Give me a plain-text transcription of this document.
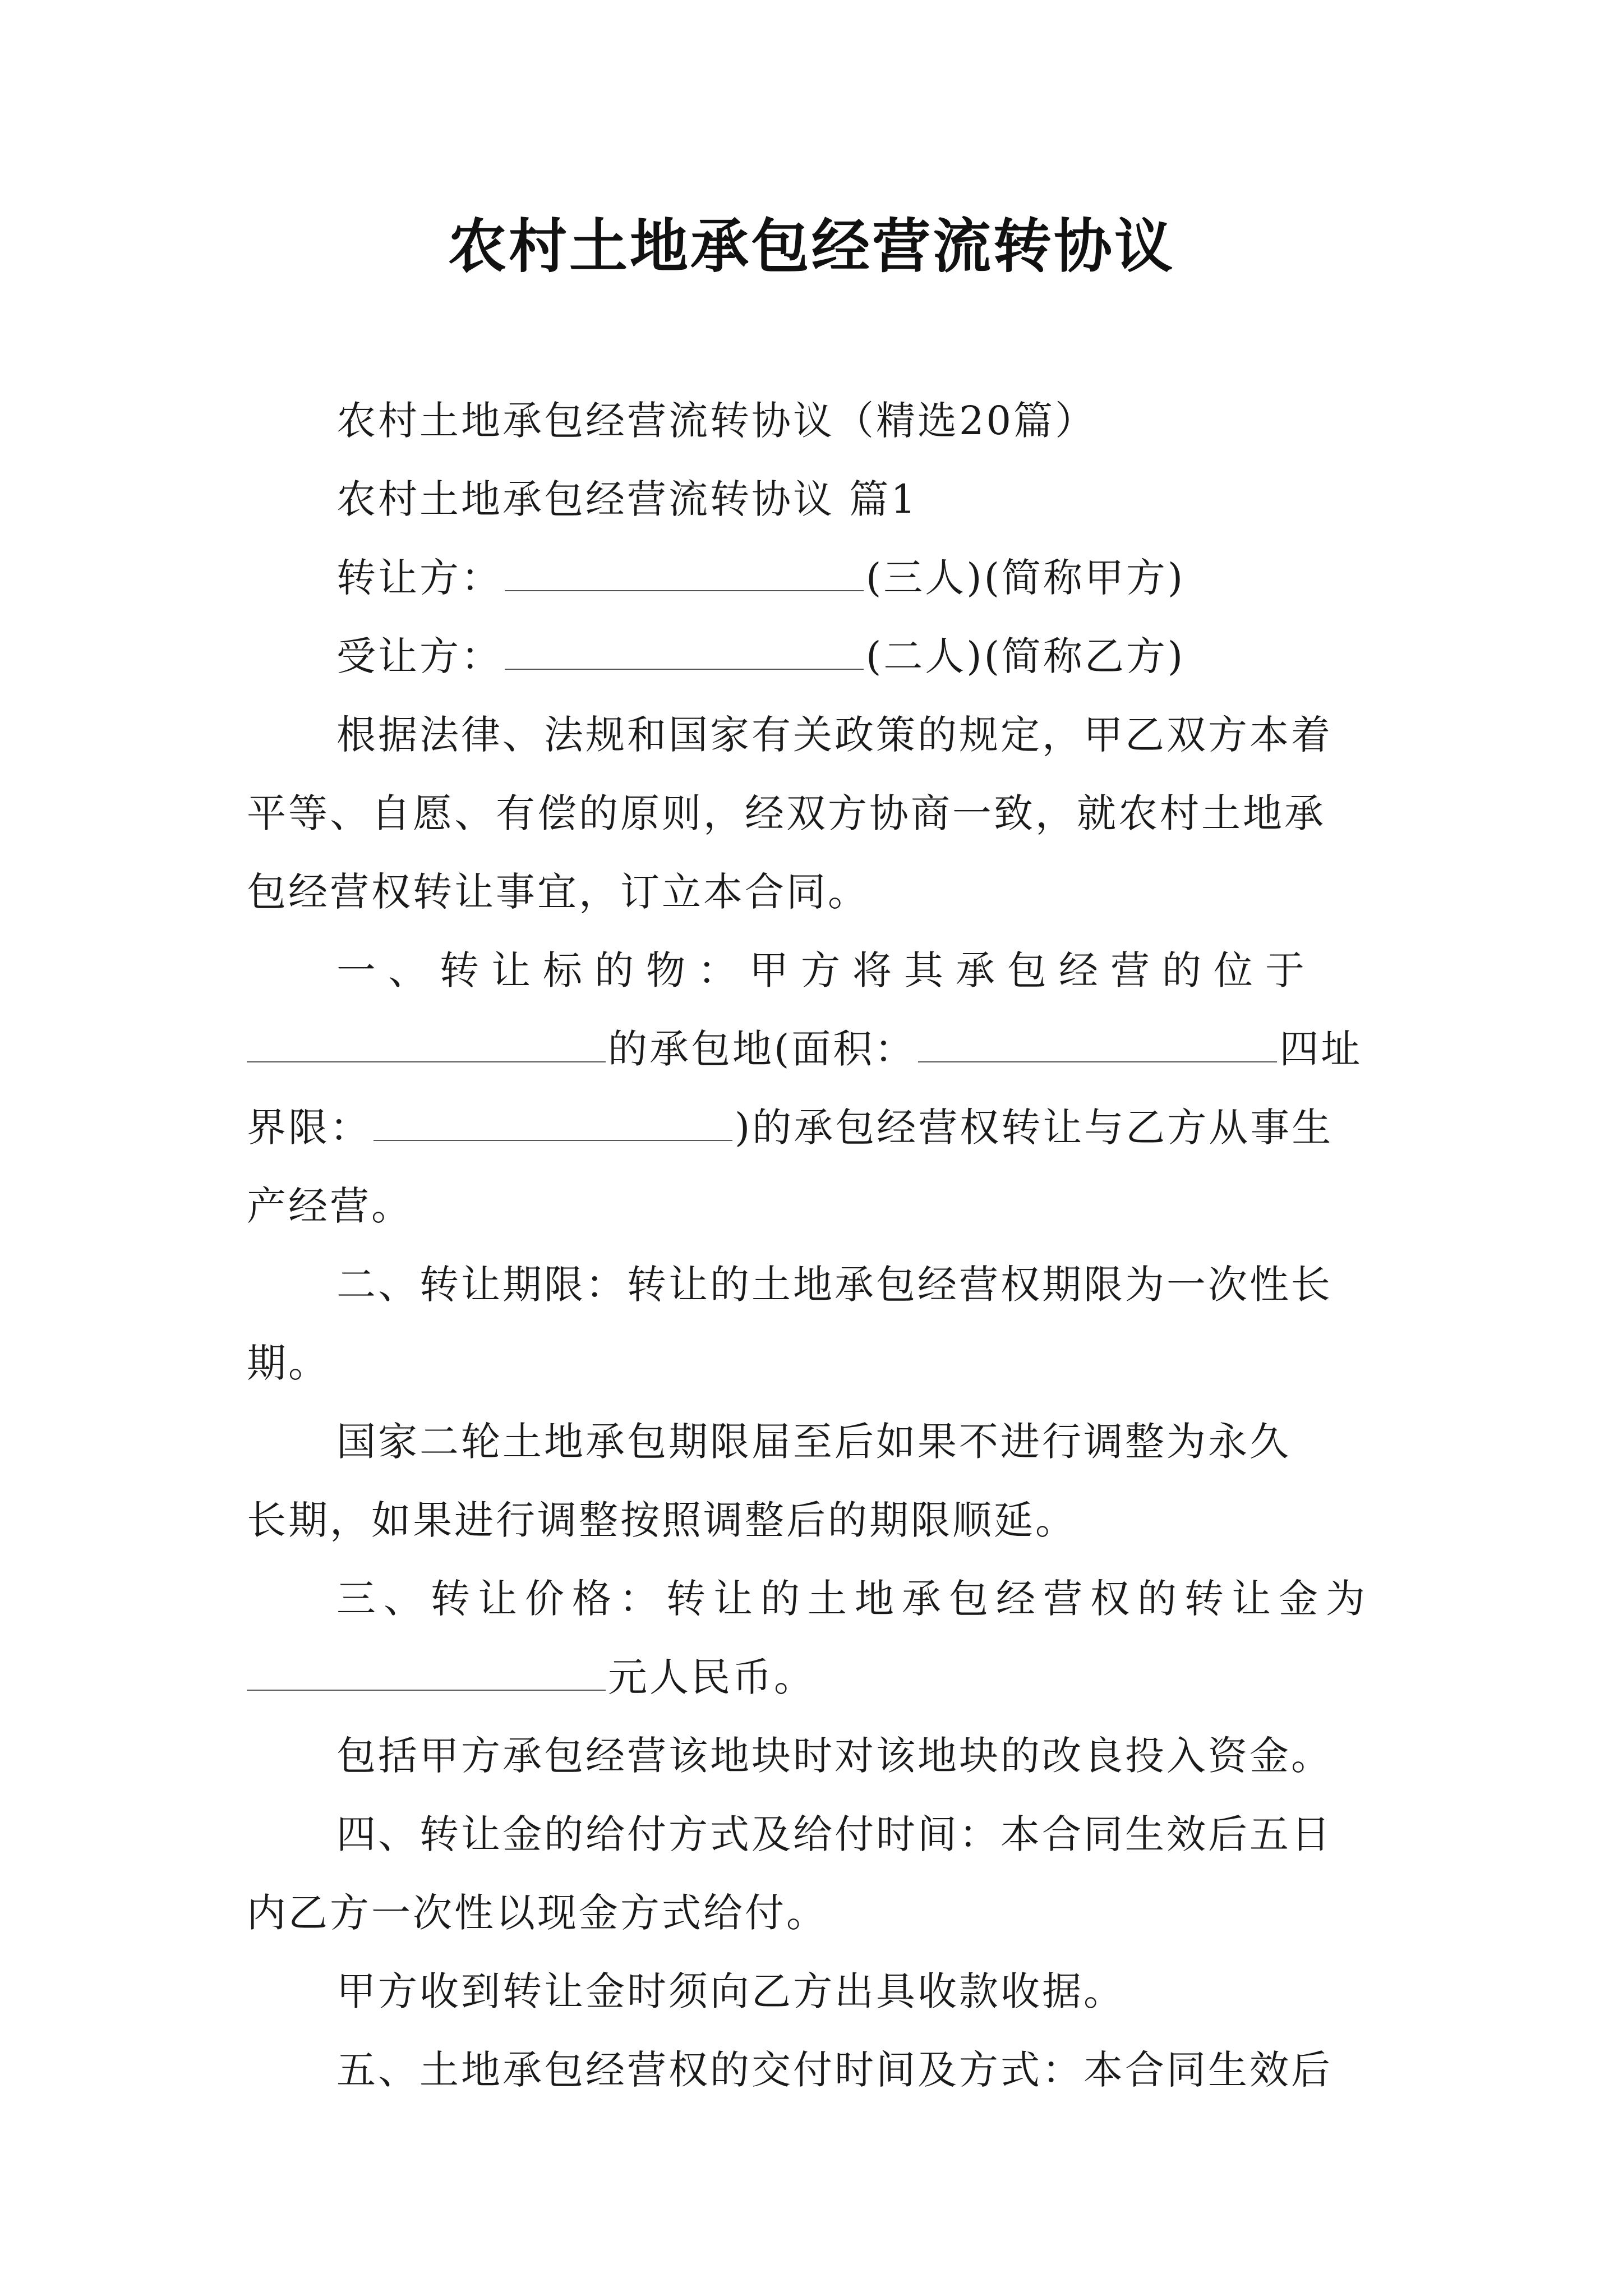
农村土地承包经营流转协议
农村土地承包经营流转协议（精选20篇）
农村土地承包经营流转协议 篇1
转让方：	(三人)(简称甲方)
受让方：	(二人)(简称乙方)
根据法律、法规和国家有关政策的规定，甲乙双方本着
平等、自愿、有偿的原则，经双方协商一致，就农村土地承
包经营权转让事宜，订立本合同。
一、转让标的物：甲方将其承包经营的位于
的承包地(面积：	四址
界限：	)的承包经营权转让与乙方从事生
产经营。
二、转让期限：转让的土地承包经营权期限为一次性长
期。
国家二轮土地承包期限届至后如果不进行调整为永久
长期，如果进行调整按照调整后的期限顺延。
三、转让价格：转让的土地承包经营权的转让金为
元人民币。
包括甲方承包经营该地块时对该地块的改良投入资金。
四、转让金的给付方式及给付时间：本合同生效后五日
内乙方一次性以现金方式给付。
甲方收到转让金时须向乙方出具收款收据。
五、土地承包经营权的交付时间及方式：本合同生效后
